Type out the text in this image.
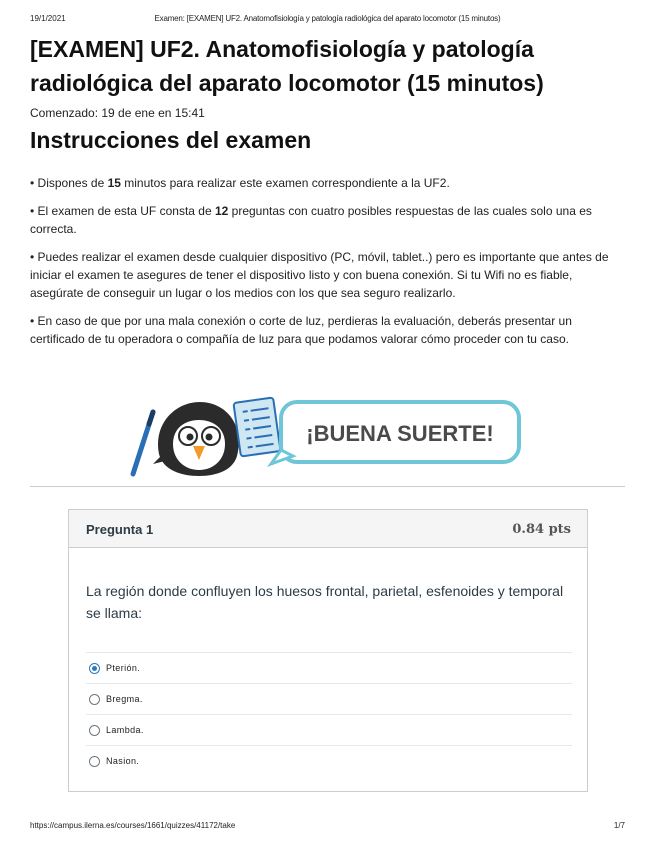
19/1/2021	Examen: [EXAMEN] UF2. Anatomofisiología y patología radiológica del aparato locomotor (15 minutos)
[EXAMEN] UF2. Anatomofisiología y patología radiológica del aparato locomotor (15 minutos)
Comenzado: 19 de ene en 15:41
Instrucciones del examen

• Dispones de 15 minutos para realizar este examen correspondiente a la UF2.

• El examen de esta UF consta de 12 preguntas con cuatro posibles respuestas de las cuales solo una es correcta.

• Puedes realizar el examen desde cualquier dispositivo (PC, móvil, tablet..) pero es importante que antes de iniciar el examen te asegures de tener el dispositivo listo y con buena conexión. Si tu Wifi no es fiable, asegúrate de conseguir un lugar o los medios con los que sea seguro realizarlo.

• En caso de que por una mala conexión o corte de luz, perdieras la evaluación, deberás presentar un certificado de tu operadora o compañía de luz para que podamos valorar cómo proceder con tu caso.

¡BUENA SUERTE!
Pregunta 1	0.84 pts
La región donde confluyen los huesos frontal, parietal, esfenoides y temporal se llama:
Pterión.
Bregma.
Lambda.
Nasion.
https://campus.ilerna.es/courses/1661/quizzes/41172/take	1/7
